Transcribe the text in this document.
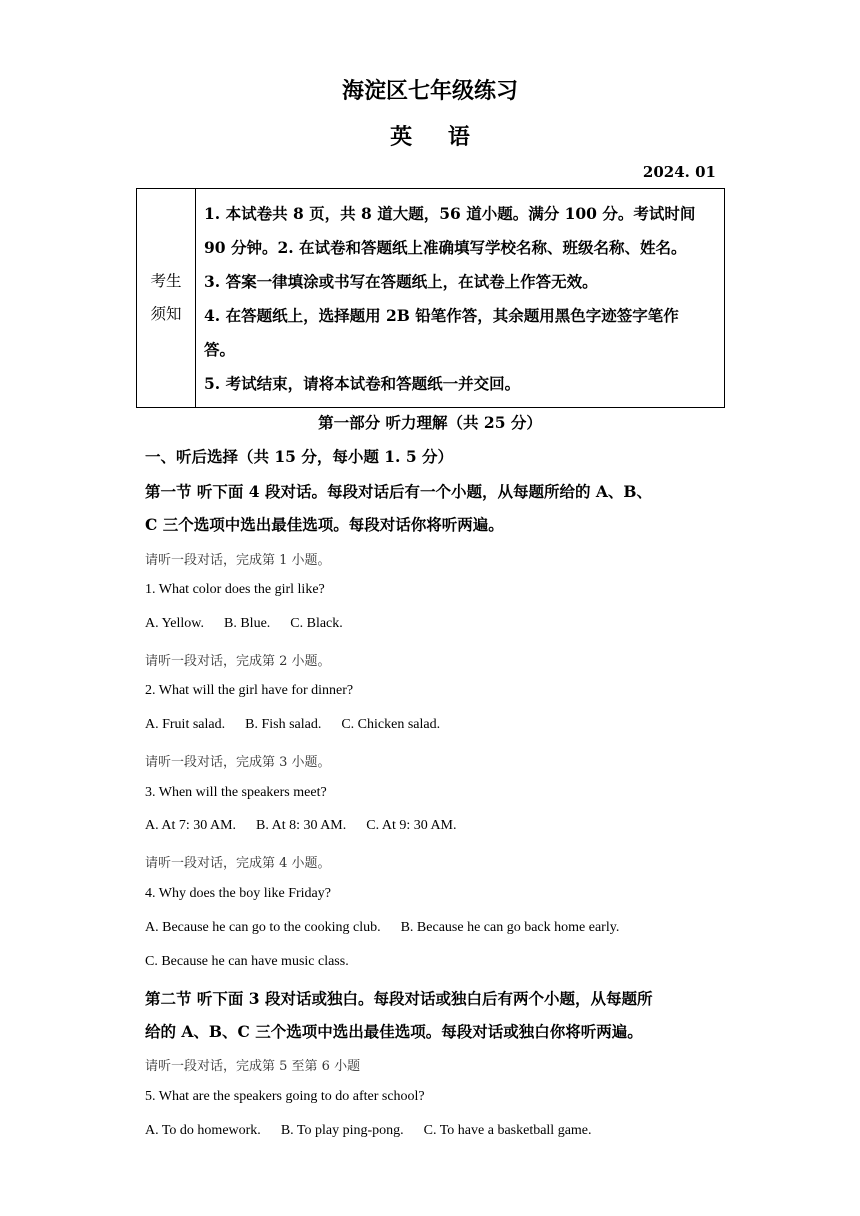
海淀区七年级练习
英 语
2024. 01
考生
须知

1. 本试卷共 8 页，共 8 道大题，56 道小题。满分 100 分。考试时间
90 分钟。2. 在试卷和答题纸上准确填写学校名称、班级名称、姓名。
3. 答案一律填涂或书写在答题纸上，在试卷上作答无效。
4. 在答题纸上，选择题用 2B 铅笔作答，其余题用黑色字迹签字笔作
答。
5. 考试结束，请将本试卷和答题纸一并交回。
第一部分 听力理解（共 25 分）
一、听后选择（共 15 分，每小题 1. 5 分）
第一节 听下面 4 段对话。每段对话后有一个小题，从每题所给的 A、B、
C 三个选项中选出最佳选项。每段对话你将听两遍。
请听一段对话，完成第 1 小题。
1. What color does the girl like?
A. Yellow. B. Blue. C. Black.
请听一段对话，完成第 2 小题。
2. What will the girl have for dinner?
A. Fruit salad. B. Fish salad. C. Chicken salad.
请听一段对话，完成第 3 小题。
3. When will the speakers meet?
A. At 7: 30 AM. B. At 8: 30 AM. C. At 9: 30 AM.
请听一段对话，完成第 4 小题。
4. Why does the boy like Friday?
A. Because he can go to the cooking club. B. Because he can go back home early.
C. Because he can have music class.
第二节 听下面 3 段对话或独白。每段对话或独白后有两个小题，从每题所
给的 A、B、C 三个选项中选出最佳选项。每段对话或独白你将听两遍。
请听一段对话，完成第 5 至第 6 小题
5. What are the speakers going to do after school?
A. To do homework. B. To play ping-pong. C. To have a basketball game.
